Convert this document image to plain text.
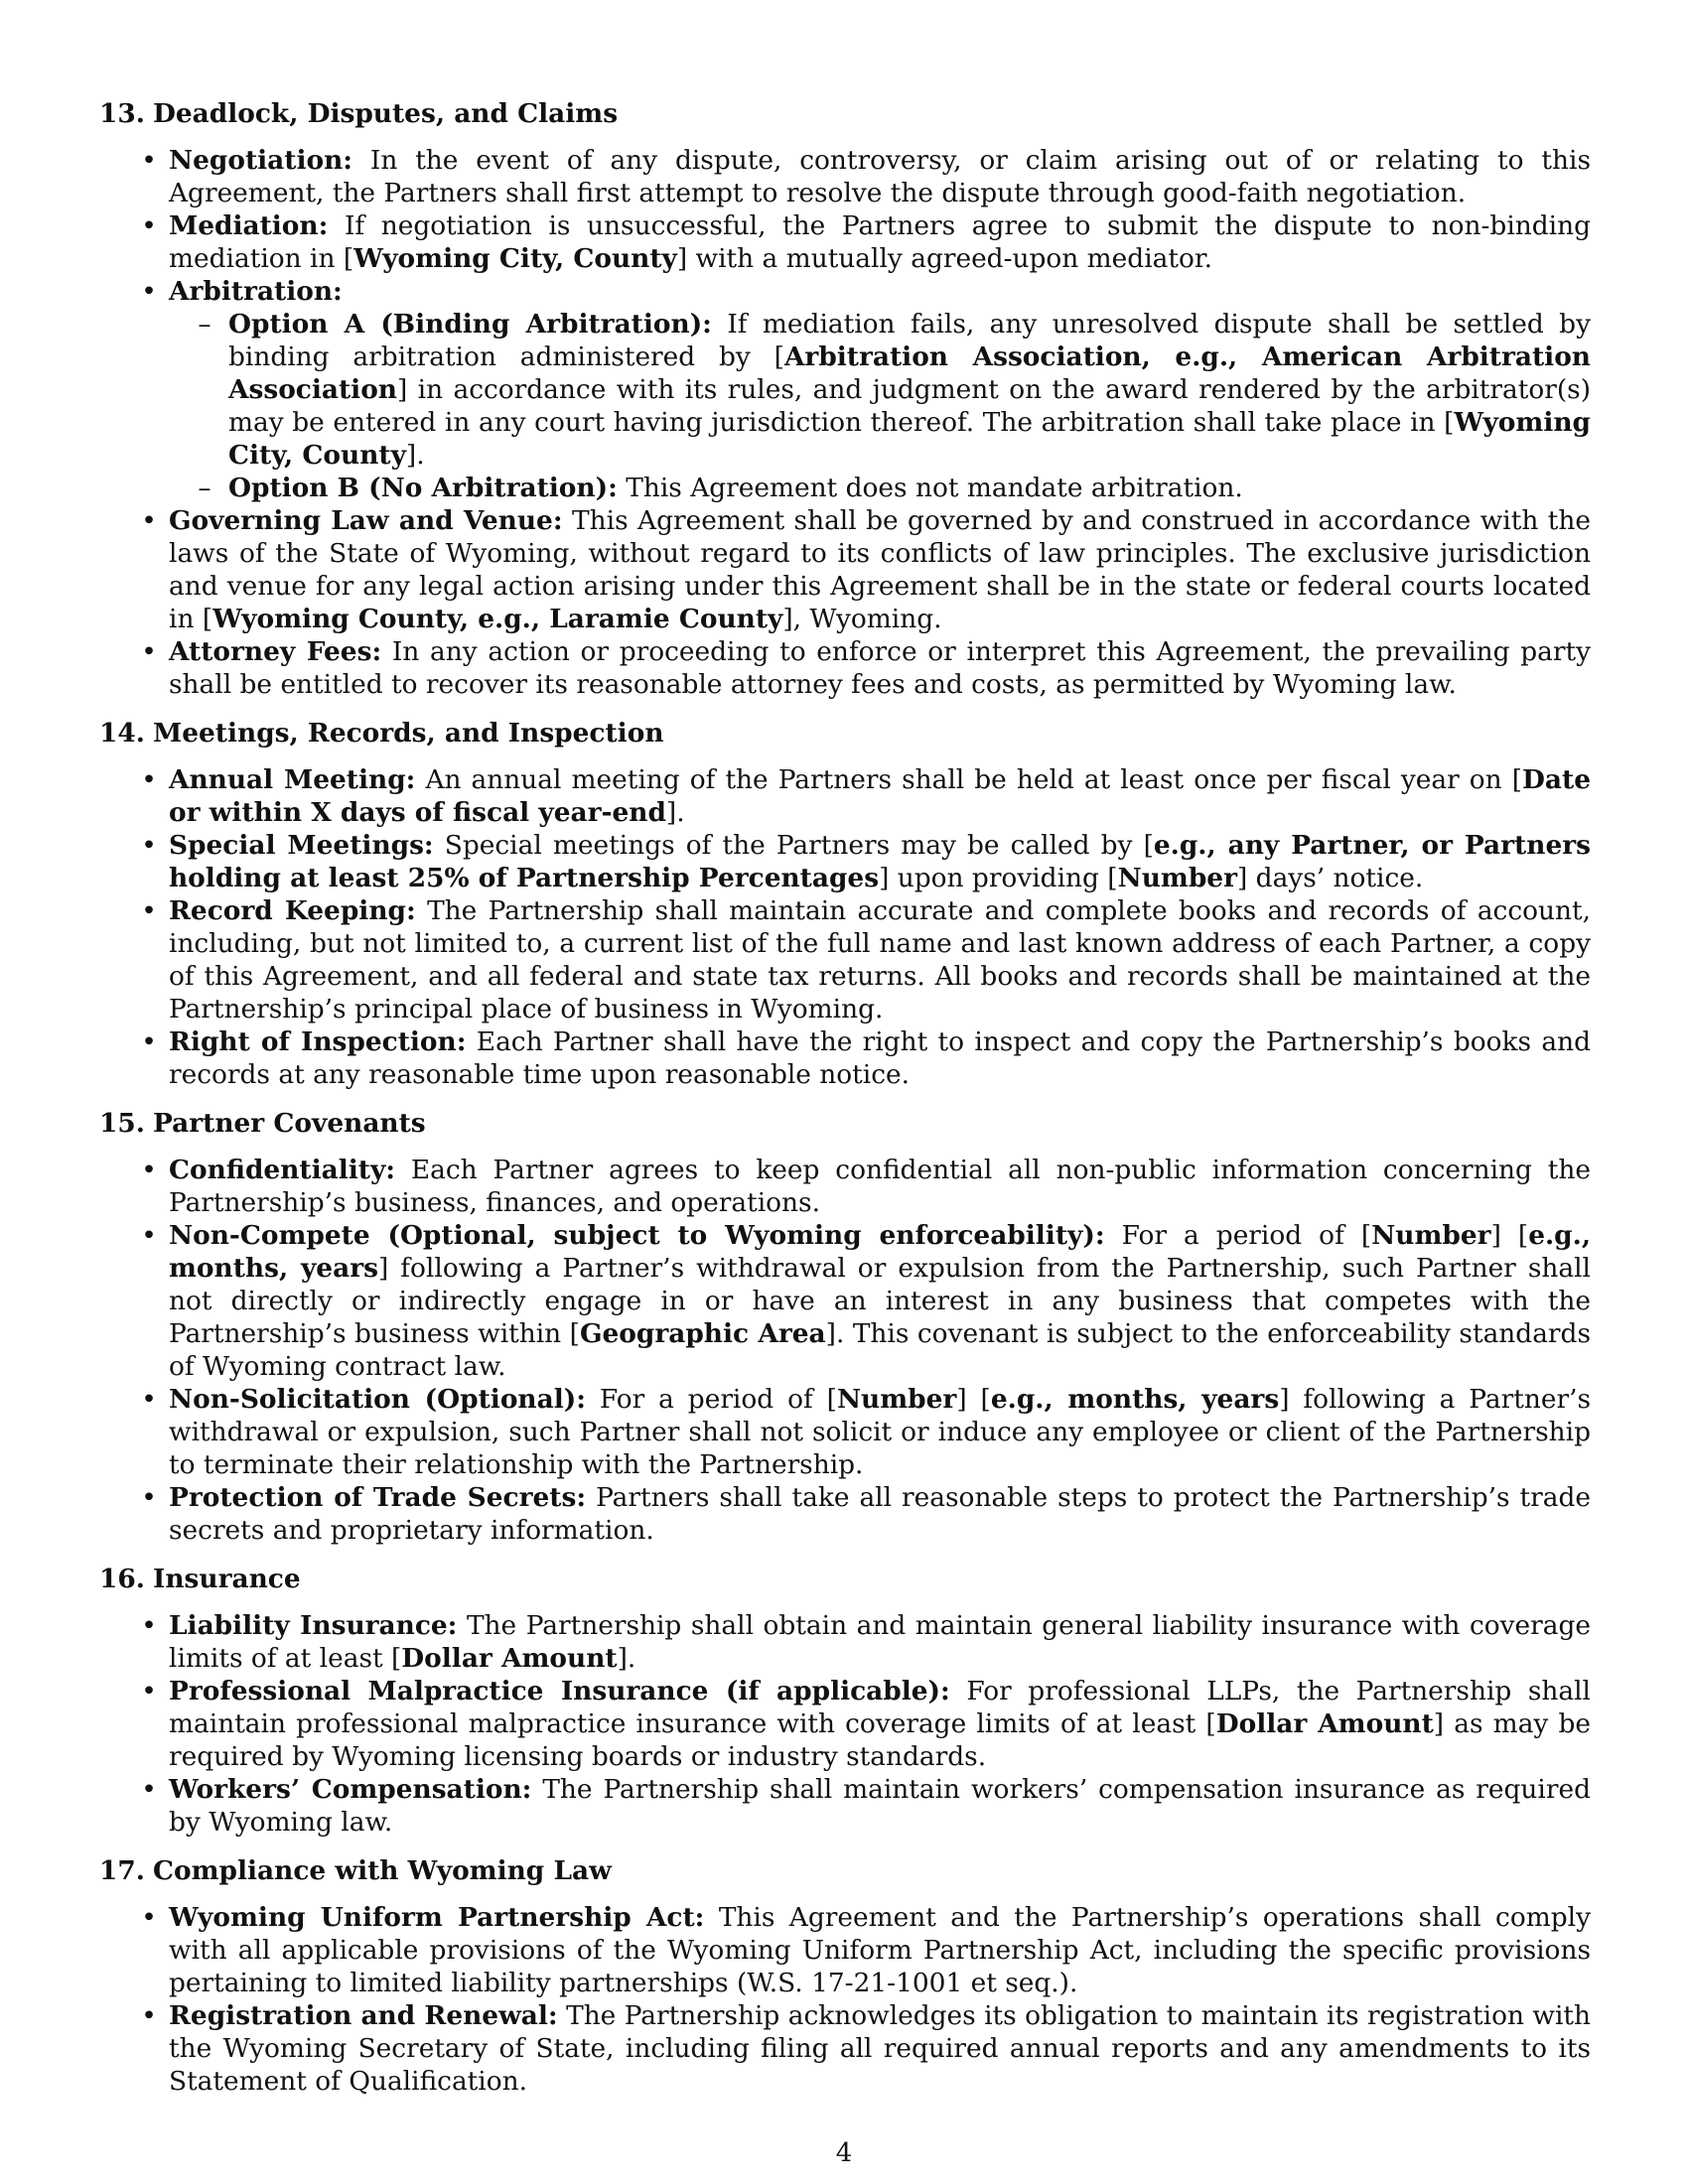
13. Deadlock, Disputes, and Claims
• Negotiation: In the event of any dispute, controversy, or claim arising out of or relating to this Agreement, the Partners shall first attempt to resolve the dispute through good-faith negotiation.
• Mediation: If negotiation is unsuccessful, the Partners agree to submit the dispute to non-binding mediation in [Wyoming City, County] with a mutually agreed-upon mediator.
• Arbitration:
– Option A (Binding Arbitration): If mediation fails, any unresolved dispute shall be settled by binding arbitration administered by [Arbitration Association, e.g., American Arbitration Association] in accordance with its rules, and judgment on the award rendered by the arbitrator(s) may be entered in any court having jurisdiction thereof. The arbitration shall take place in [Wyoming City, County].
– Option B (No Arbitration): This Agreement does not mandate arbitration.
• Governing Law and Venue: This Agreement shall be governed by and construed in accordance with the laws of the State of Wyoming, without regard to its conflicts of law principles. The exclusive jurisdiction and venue for any legal action arising under this Agreement shall be in the state or federal courts located in [Wyoming County, e.g., Laramie County], Wyoming.
• Attorney Fees: In any action or proceeding to enforce or interpret this Agreement, the prevailing party shall be entitled to recover its reasonable attorney fees and costs, as permitted by Wyoming law.
14. Meetings, Records, and Inspection
• Annual Meeting: An annual meeting of the Partners shall be held at least once per fiscal year on [Date or within X days of fiscal year-end].
• Special Meetings: Special meetings of the Partners may be called by [e.g., any Partner, or Partners holding at least 25% of Partnership Percentages] upon providing [Number] days’ notice.
• Record Keeping: The Partnership shall maintain accurate and complete books and records of account, including, but not limited to, a current list of the full name and last known address of each Partner, a copy of this Agreement, and all federal and state tax returns. All books and records shall be maintained at the Partnership’s principal place of business in Wyoming.
• Right of Inspection: Each Partner shall have the right to inspect and copy the Partnership’s books and records at any reasonable time upon reasonable notice.
15. Partner Covenants
• Confidentiality: Each Partner agrees to keep confidential all non-public information concerning the Partnership’s business, finances, and operations.
• Non-Compete (Optional, subject to Wyoming enforceability): For a period of [Number] [e.g., months, years] following a Partner’s withdrawal or expulsion from the Partnership, such Partner shall not directly or indirectly engage in or have an interest in any business that competes with the Partnership’s business within [Geographic Area]. This covenant is subject to the enforceability standards of Wyoming contract law.
• Non-Solicitation (Optional): For a period of [Number] [e.g., months, years] following a Partner’s withdrawal or expulsion, such Partner shall not solicit or induce any employee or client of the Partnership to terminate their relationship with the Partnership.
• Protection of Trade Secrets: Partners shall take all reasonable steps to protect the Partnership’s trade secrets and proprietary information.
16. Insurance
• Liability Insurance: The Partnership shall obtain and maintain general liability insurance with coverage limits of at least [Dollar Amount].
• Professional Malpractice Insurance (if applicable): For professional LLPs, the Partnership shall maintain professional malpractice insurance with coverage limits of at least [Dollar Amount] as may be required by Wyoming licensing boards or industry standards.
• Workers’ Compensation: The Partnership shall maintain workers’ compensation insurance as required by Wyoming law.
17. Compliance with Wyoming Law
• Wyoming Uniform Partnership Act: This Agreement and the Partnership’s operations shall comply with all applicable provisions of the Wyoming Uniform Partnership Act, including the specific provisions pertaining to limited liability partnerships (W.S. 17-21-1001 et seq.).
• Registration and Renewal: The Partnership acknowledges its obligation to maintain its registration with the Wyoming Secretary of State, including filing all required annual reports and any amendments to its Statement of Qualification.
4
